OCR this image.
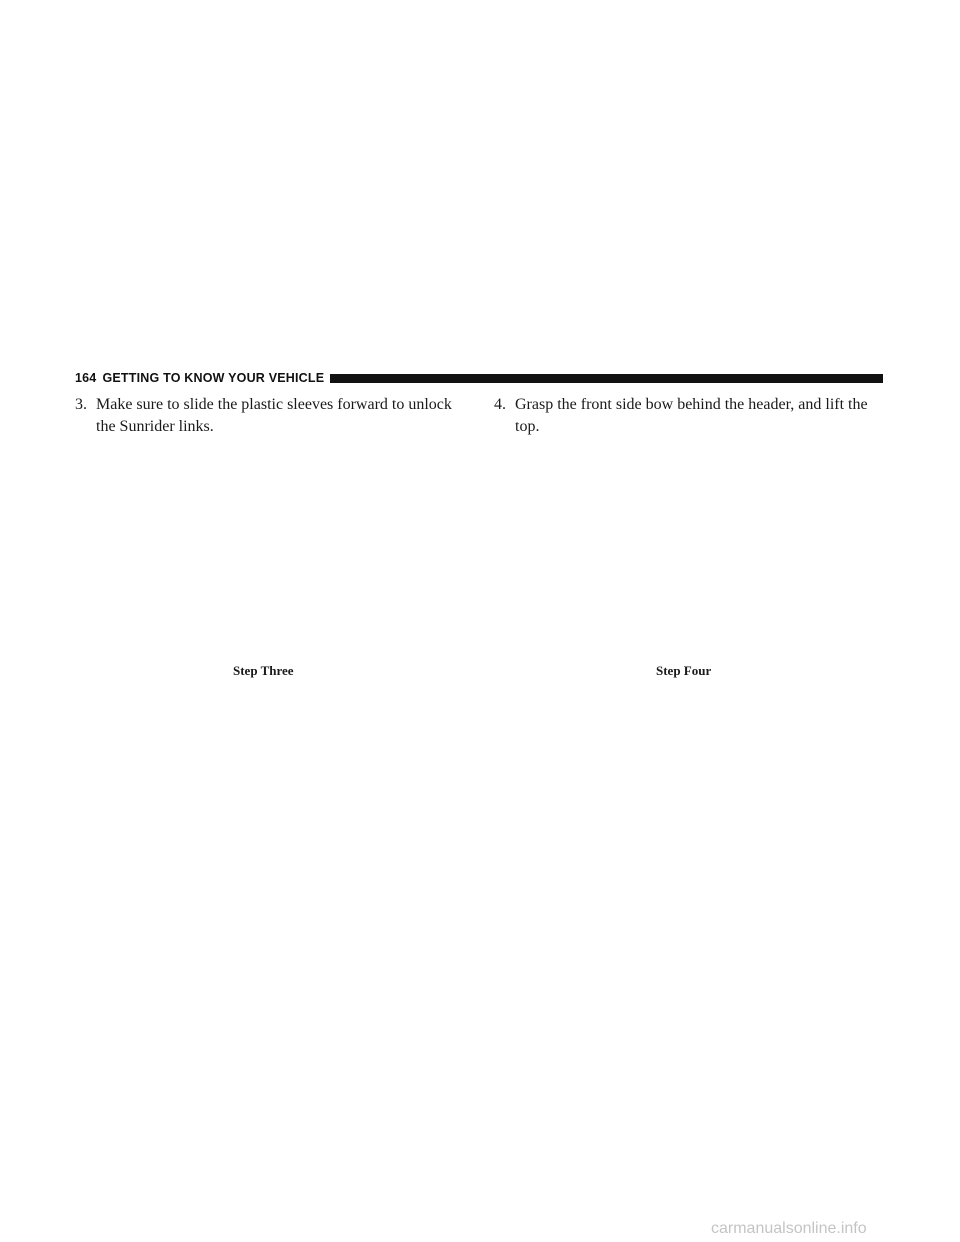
164 GETTING TO KNOW YOUR VEHICLE

3. Make sure to slide the plastic sleeves forward to unlock the Sunrider links.

4. Grasp the front side bow behind the header, and lift the top.

Step Three	Step Four
carmanualsonline.info
